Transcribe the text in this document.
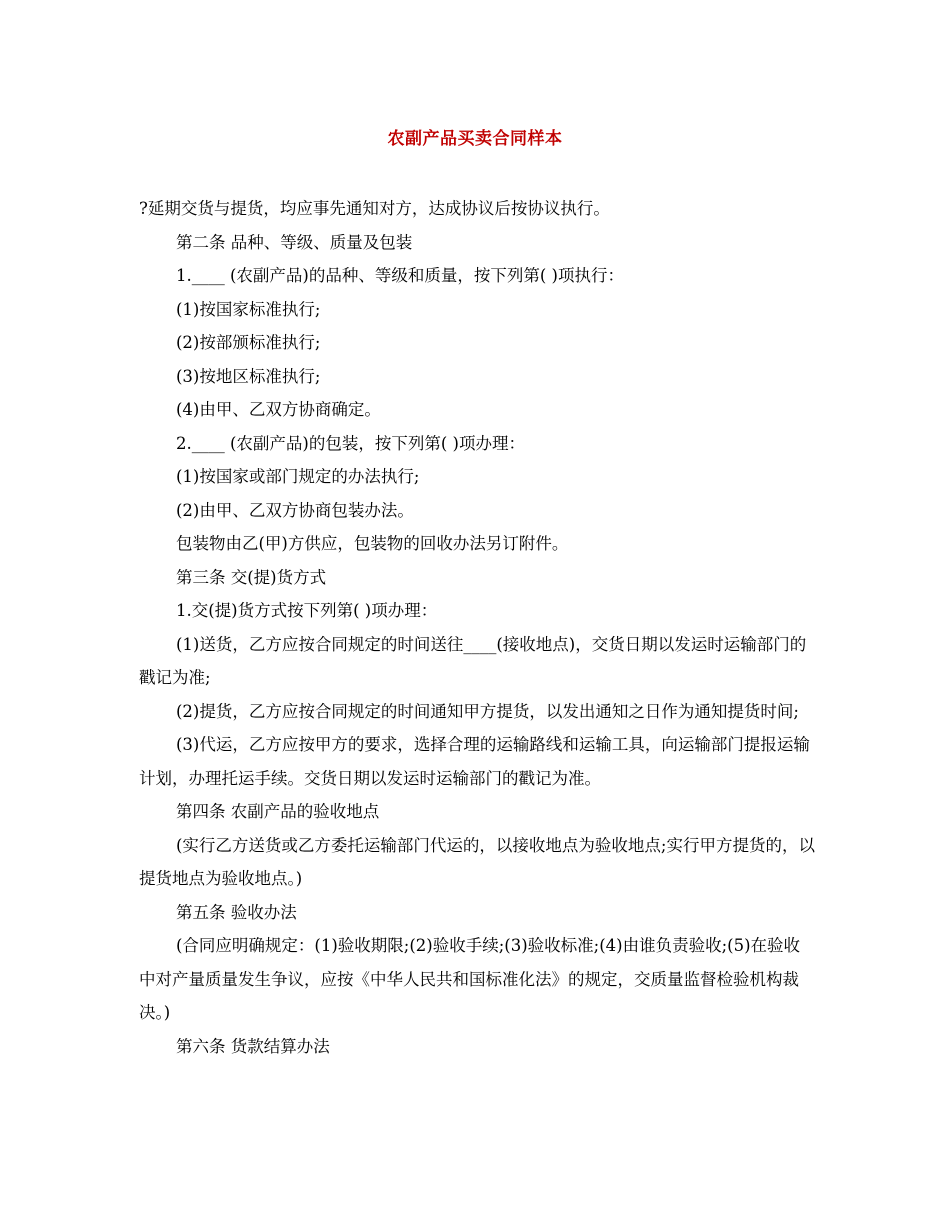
农副产品买卖合同样本

?延期交货与提货，均应事先通知对方，达成协议后按协议执行。

第二条 品种、等级、质量及包装

1.____ (农副产品)的品种、等级和质量，按下列第( )项执行：

(1)按国家标准执行;

(2)按部颁标准执行;

(3)按地区标准执行;

(4)由甲、乙双方协商确定。

2.____ (农副产品)的包装，按下列第( )项办理：

(1)按国家或部门规定的办法执行;

(2)由甲、乙双方协商包装办法。

包装物由乙(甲)方供应，包装物的回收办法另订附件。

第三条 交(提)货方式

1.交(提)货方式按下列第( )项办理：

(1)送货，乙方应按合同规定的时间送往____(接收地点)，交货日期以发运时运输部门的戳记为准;

(2)提货，乙方应按合同规定的时间通知甲方提货，以发出通知之日作为通知提货时间;

(3)代运，乙方应按甲方的要求，选择合理的运输路线和运输工具，向运输部门提报运输计划，办理托运手续。交货日期以发运时运输部门的戳记为准。

第四条 农副产品的验收地点

(实行乙方送货或乙方委托运输部门代运的，以接收地点为验收地点;实行甲方提货的，以提货地点为验收地点。)

第五条 验收办法

(合同应明确规定：(1)验收期限;(2)验收手续;(3)验收标准;(4)由谁负责验收;(5)在验收中对产量质量发生争议，应按《中华人民共和国标准化法》的规定，交质量监督检验机构裁决。)

第六条 货款结算办法
